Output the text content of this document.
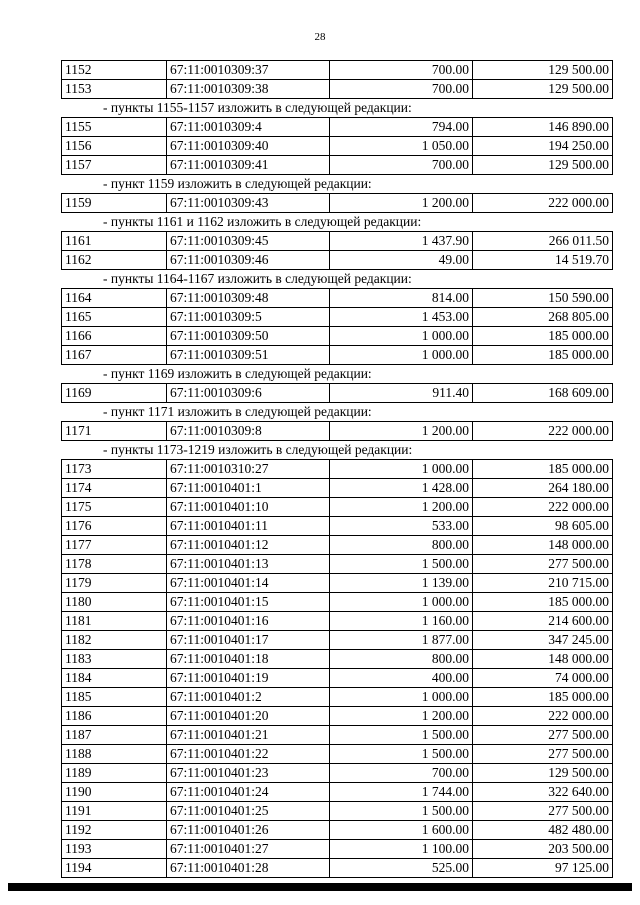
28
1152	67:11:0010309:37	700.00	129 500.00
1153	67:11:0010309:38	700.00	129 500.00
- пункты 1155-1157 изложить в следующей редакции:
1155	67:11:0010309:4	794.00	146 890.00
1156	67:11:0010309:40	1 050.00	194 250.00
1157	67:11:0010309:41	700.00	129 500.00
- пункт 1159 изложить в следующей редакции:
1159	67:11:0010309:43	1 200.00	222 000.00
- пункты 1161 и 1162 изложить в следующей редакции:
1161	67:11:0010309:45	1 437.90	266 011.50
1162	67:11:0010309:46	49.00	14 519.70
- пункты 1164-1167 изложить в следующей редакции:
1164	67:11:0010309:48	814.00	150 590.00
1165	67:11:0010309:5	1 453.00	268 805.00
1166	67:11:0010309:50	1 000.00	185 000.00
1167	67:11:0010309:51	1 000.00	185 000.00
- пункт 1169 изложить в следующей редакции:
1169	67:11:0010309:6	911.40	168 609.00
- пункт 1171 изложить в следующей редакции:
1171	67:11:0010309:8	1 200.00	222 000.00
- пункты 1173-1219 изложить в следующей редакции:
1173	67:11:0010310:27	1 000.00	185 000.00
1174	67:11:0010401:1	1 428.00	264 180.00
1175	67:11:0010401:10	1 200.00	222 000.00
1176	67:11:0010401:11	533.00	98 605.00
1177	67:11:0010401:12	800.00	148 000.00
1178	67:11:0010401:13	1 500.00	277 500.00
1179	67:11:0010401:14	1 139.00	210 715.00
1180	67:11:0010401:15	1 000.00	185 000.00
1181	67:11:0010401:16	1 160.00	214 600.00
1182	67:11:0010401:17	1 877.00	347 245.00
1183	67:11:0010401:18	800.00	148 000.00
1184	67:11:0010401:19	400.00	74 000.00
1185	67:11:0010401:2	1 000.00	185 000.00
1186	67:11:0010401:20	1 200.00	222 000.00
1187	67:11:0010401:21	1 500.00	277 500.00
1188	67:11:0010401:22	1 500.00	277 500.00
1189	67:11:0010401:23	700.00	129 500.00
1190	67:11:0010401:24	1 744.00	322 640.00
1191	67:11:0010401:25	1 500.00	277 500.00
1192	67:11:0010401:26	1 600.00	482 480.00
1193	67:11:0010401:27	1 100.00	203 500.00
1194	67:11:0010401:28	525.00	97 125.00
